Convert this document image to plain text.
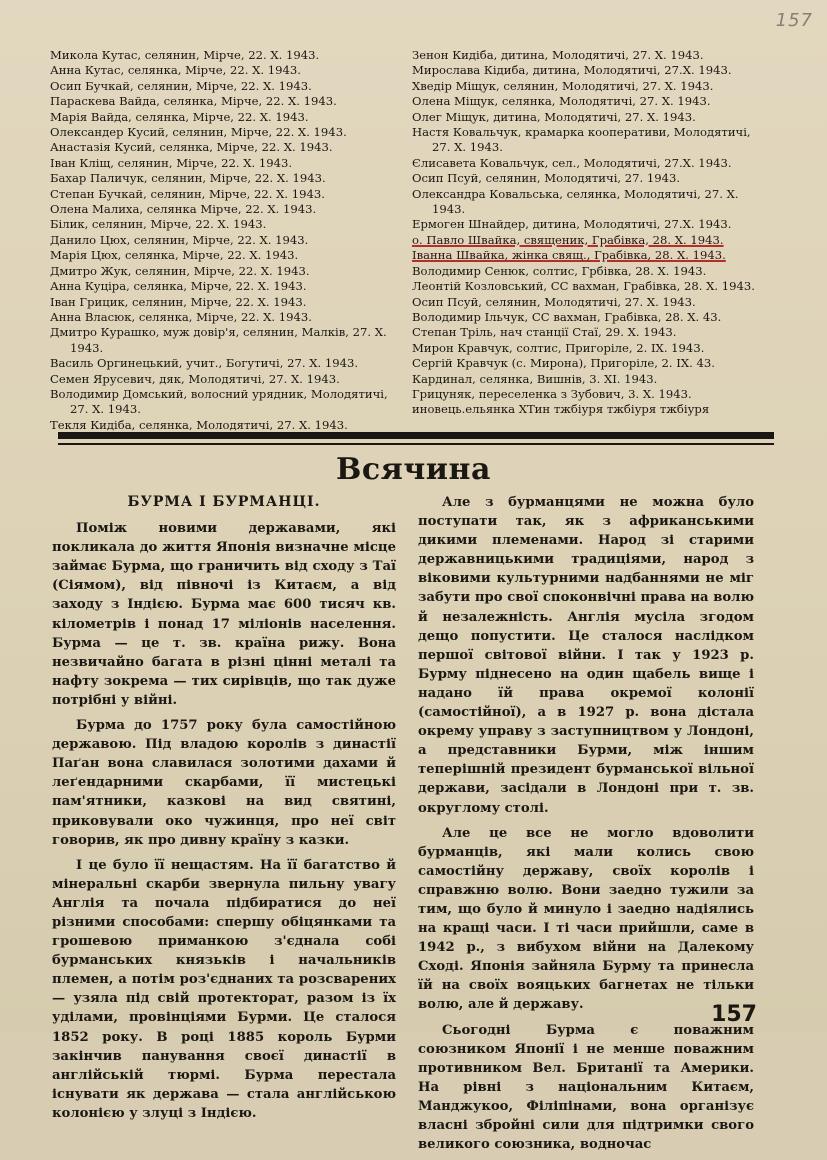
157
Микола Кутас, селянин, Мірче, 22. X. 1943.
Анна Кутас, селянка, Мірче, 22. X. 1943.
Осип Бучкай, селянин, Мірче, 22. X. 1943.
Параскева Вайда, селянка, Мірче, 22. X. 1943.
Марія Вайда, селянка, Мірче, 22. X. 1943.
Олександер Кусий, селянин, Мірче, 22. X. 1943.
Анастазія Кусий, селянка, Мірче, 22. X. 1943.
Іван Кліщ, селянин, Мірче, 22. X. 1943.
Бахар Паличук, селянин, Мірче, 22. X. 1943.
Степан Бучкай, селянин, Мірче, 22. X. 1943.
Олена Малиха, селянка Мірче, 22. X. 1943.
Білик, селянин, Мірче, 22. X. 1943.
Данило Цюх, селянин, Мірче, 22. X. 1943.
Марія Цюх, селянка, Мірче, 22. X. 1943.
Дмитро Жук, селянин, Мірче, 22. X. 1943.
Анна Куціра, селянка, Мірче, 22. X. 1943.
Іван Грицик, селянин, Мірче, 22. X. 1943.
Анна Власюк, селянка, Мірче, 22. X. 1943.
Дмитро Курашко, муж довір'я, селянин, Малків, 27. X. 1943.
Василь Оргинецький, учит., Богутичі, 27. X. 1943.
Семен Ярусевич, дяк, Молодятичі, 27. X. 1943.
Володимир Домський, волосний урядник, Молодятичі, 27. X. 1943.
Текля Кидіба, селянка, Молодятичі, 27. X. 1943.
Зенон Кидіба, дитина, Молодятичі, 27. X. 1943.
Мирослава Кідиба, дитина, Молодятичі, 27.X. 1943.
Хведір Міщук, селянин, Молодятичі, 27. X. 1943.
Олена Міщук, селянка, Молодятичі, 27. X. 1943.
Олег Міщук, дитина, Молодятичі, 27. X. 1943.
Настя Ковальчук, крамарка кооперативи, Молодятичі, 27. X. 1943.
Єлисавета Ковальчук, сел., Молодятичі, 27.X. 1943.
Осип Псуй, селянин, Молодятичі, 27. 1943.
Олександра Ковальська, селянка, Молодятичі, 27. X. 1943.
Ермоген Шнайдер, дитина, Молодятичі, 27.X. 1943.
о. Павло Швайка, священик, Грабівка, 28. X. 1943.
Іванна Швайка, жінка свящ., Грабівка, 28. X. 1943.
Володимир Сенюк, солтис, Грбівка, 28. X. 1943.
Леонтій Козловський, СС вахман, Грабівка, 28. X. 1943.
Осип Псуй, селянин, Молодятичі, 27. X. 1943.
Володимир Ільчук, СС вахман, Грабівка, 28. X. 43.
Степан Тріль, нач станції Стаї, 29. X. 1943.
Мирон Кравчук, солтис, Пригоріле, 2. IX. 1943.
Сергій Кравчук (с. Мирона), Пригоріле, 2. IX. 43.
Кардинал, селянка, Вишнів, 3. XI. 1943.
Грицуняк, переселенка з Зубович, 3. X. 1943.
иновець.ельянка ХТин тжбіуря тжбіуря тжбіуря
Всячина
БУРМА І БУРМАНЦІ.

Поміж новими державами, які покликала до життя Японія визначне місце займає Бурма, що граничить від сходу з Таї (Сіямом), від півночі із Китаєм, а від заходу з Індією. Бурма має 600 тисяч кв. кілометрів і понад 17 міліонів населення. Бурма — це т. зв. країна рижу. Вона незвичайно багата в різні цінні металі та нафту зокрема — тих сирівців, що так дуже потрібні у війні.

Бурма до 1757 року була самостійною державою. Під владою королів з династії Паґан вона славилася золотими дахами й леґендарними скарбами, її мистецькі пам'ятники, казкові на вид святині, приковували око чужинця, про неї світ говорив, як про дивну країну з казки.

І це було її нещастям. На її багатство й мінеральні скарби звернула пильну увагу Англія та почала підбиратися до неї різними способами: спершу обіцянками та грошевою приманкою з'єднала собі бурманських князьків і начальників племен, а потім роз'єднаних та розсварених — узяла під свій протекторат, разом із їх уділами, провінціями Бурми. Це сталося 1852 року. В році 1885 король Бурми закінчив панування своєї династії в англійській тюрмі. Бурма перестала існувати як держава — стала англійською колонією у злуці з Індією.

Але з бурманцями не можна було поступати так, як з африканськими дикими племенами. Народ зі старими державницькими традиціями, народ з віковими культурними надбаннями не міг забути про свої споконвічні права на волю й незалежність. Англія мусіла згодом дещо попустити. Це сталося наслідком першої світової війни. І так у 1923 р. Бурму піднесено на один щабель вище і надано їй права окремої колонії (самостійної), а в 1927 р. вона дістала окрему управу з заступництвом у Лондоні, а представники Бурми, між іншим теперішній президент бурманської вільної держави, засідали в Лондоні при т. зв. округлому столі.

Але це все не могло вдоволити бурманців, які мали колись свою самостійну державу, своїх королів і справжню волю. Вони заедно тужили за тим, що було й минуло і заедно надіялись на кращі часи. І ті часи прийшли, саме в 1942 р., з вибухом війни на Далекому Сході. Японія зайняла Бурму та принесла їй на своїх вояцьких багнетах не тільки волю, але й державу.

Сьогодні Бурма є поважним союзником Японії і не менше поважним противником Вел. Британії та Америки. На рівні з національним Китаєм, Манджукоо, Філіпінами, вона організує власні збройні сили для підтримки свого великого союзника, водночас

157
